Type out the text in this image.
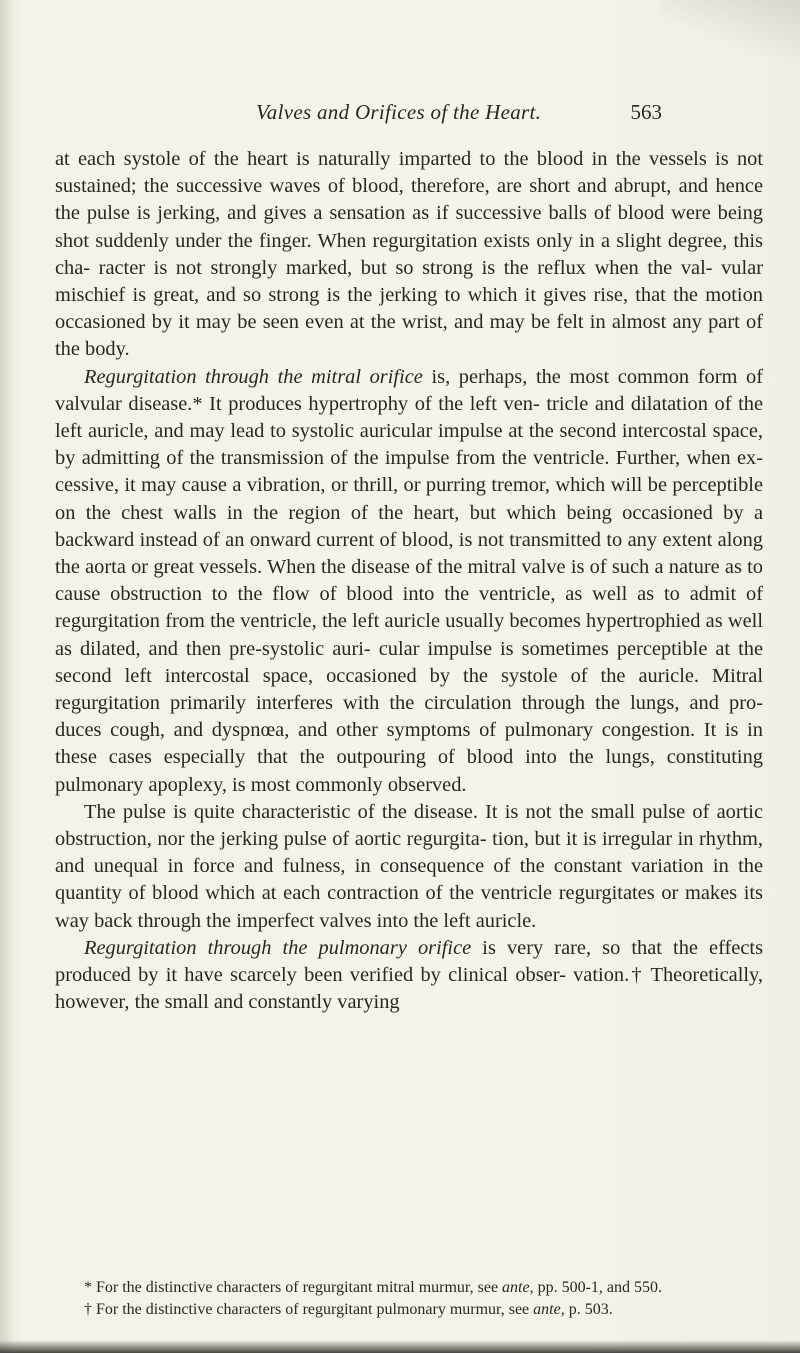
Valves and Orifices of the Heart.	563

at each systole of the heart is naturally imparted to the blood in the vessels is not sustained; the successive waves of blood, therefore, are short and abrupt, and hence the pulse is jerking, and gives a sensation as if successive balls of blood were being shot suddenly under the finger. When regurgitation exists only in a slight degree, this cha- racter is not strongly marked, but so strong is the reflux when the val- vular mischief is great, and so strong is the jerking to which it gives rise, that the motion occasioned by it may be seen even at the wrist, and may be felt in almost any part of the body.

Regurgitation through the mitral orifice is, perhaps, the most common form of valvular disease.* It produces hypertrophy of the left ven- tricle and dilatation of the left auricle, and may lead to systolic auricular impulse at the second intercostal space, by admitting of the transmission of the impulse from the ventricle. Further, when ex- cessive, it may cause a vibration, or thrill, or purring tremor, which will be perceptible on the chest walls in the region of the heart, but which being occasioned by a backward instead of an onward current of blood, is not transmitted to any extent along the aorta or great vessels. When the disease of the mitral valve is of such a nature as to cause obstruction to the flow of blood into the ventricle, as well as to admit of regurgitation from the ventricle, the left auricle usually becomes hypertrophied as well as dilated, and then pre-systolic auri- cular impulse is sometimes perceptible at the second left intercostal space, occasioned by the systole of the auricle. Mitral regurgitation primarily interferes with the circulation through the lungs, and pro- duces cough, and dyspnœa, and other symptoms of pulmonary congestion. It is in these cases especially that the outpouring of blood into the lungs, constituting pulmonary apoplexy, is most commonly observed.

The pulse is quite characteristic of the disease. It is not the small pulse of aortic obstruction, nor the jerking pulse of aortic regurgita- tion, but it is irregular in rhythm, and unequal in force and fulness, in consequence of the constant variation in the quantity of blood which at each contraction of the ventricle regurgitates or makes its way back through the imperfect valves into the left auricle.

Regurgitation through the pulmonary orifice is very rare, so that the effects produced by it have scarcely been verified by clinical obser- vation.† Theoretically, however, the small and constantly varying

* For the distinctive characters of regurgitant mitral murmur, see ante, pp. 500-1, and 550.

† For the distinctive characters of regurgitant pulmonary murmur, see ante, p. 503.
